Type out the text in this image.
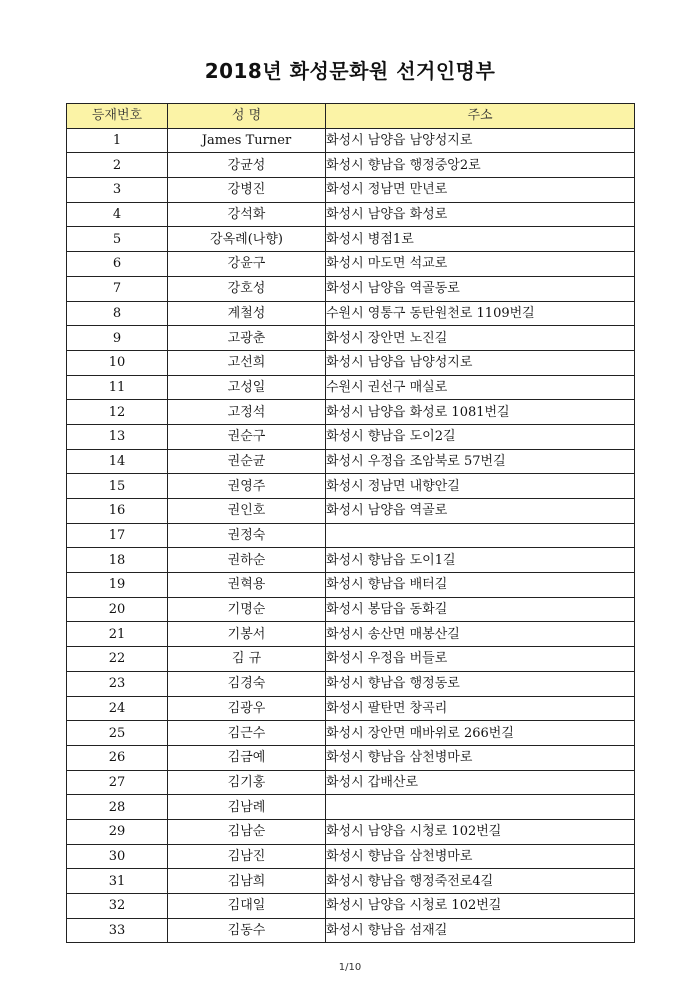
2018년 화성문화원 선거인명부
등재번호	성 명	주소
1	James Turner	화성시 남양읍 남양성지로
2	강균성	화성시 향남읍 행정중앙2로
3	강병진	화성시 정남면 만년로
4	강석화	화성시 남양읍 화성로
5	강옥례(나향)	화성시 병점1로
6	강윤구	화성시 마도면 석교로
7	강호성	화성시 남양읍 역골동로
8	계철성	수원시 영통구 동탄원천로 1109번길
9	고광춘	화성시 장안면 노진길
10	고선희	화성시 남양읍 남양성지로
11	고성일	수원시 권선구 매실로
12	고정석	화성시 남양읍 화성로 1081번길
13	권순구	화성시 향남읍 도이2길
14	권순균	화성시 우정읍 조암북로 57번길
15	권영주	화성시 정남면 내향안길
16	권인호	화성시 남양읍 역골로
17	권정숙	
18	권하순	화성시 향남읍 도이1길
19	권혁용	화성시 향남읍 배터길
20	기명순	화성시 봉담읍 동화길
21	기봉서	화성시 송산면 매봉산길
22	김 규	화성시 우정읍 버들로
23	김경숙	화성시 향남읍 행정동로
24	김광우	화성시 팔탄면 창곡리
25	김근수	화성시 장안면 매바위로 266번길
26	김금예	화성시 향남읍 삼천병마로
27	김기홍	화성시 갑배산로
28	김남례	
29	김남순	화성시 남양읍 시청로 102번길
30	김남진	화성시 향남읍 삼천병마로
31	김남희	화성시 향남읍 행정죽전로4길
32	김대일	화성시 남양읍 시청로 102번길
33	김동수	화성시 향남읍 섬재길
1/10
